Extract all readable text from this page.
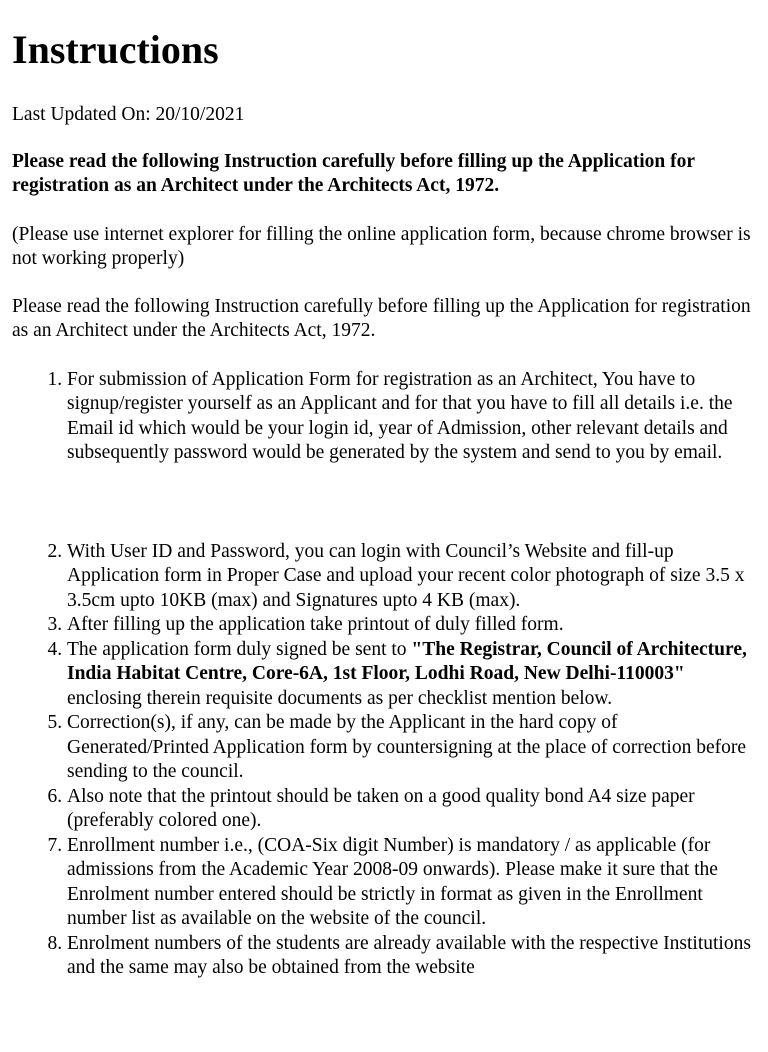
Instructions

Last Updated On: 20/10/2021

Please read the following Instruction carefully before filling up the Application for registration as an Architect under the Architects Act, 1972.

(Please use internet explorer for filling the online application form, because chrome browser is not working properly)

Please read the following Instruction carefully before filling up the Application for registration as an Architect under the Architects Act, 1972.

1. For submission of Application Form for registration as an Architect, You have to signup/register yourself as an Applicant and for that you have to fill all details i.e. the Email id which would be your login id, year of Admission, other relevant details and subsequently password would be generated by the system and send to you by email.
2. With User ID and Password, you can login with Council’s Website and fill-up Application form in Proper Case and upload your recent color photograph of size 3.5 x 3.5cm upto 10KB (max) and Signatures upto 4 KB (max).
3. After filling up the application take printout of duly filled form.
4. The application form duly signed be sent to "The Registrar, Council of Architecture, India Habitat Centre, Core-6A, 1st Floor, Lodhi Road, New Delhi-110003" enclosing therein requisite documents as per checklist mention below.
5. Correction(s), if any, can be made by the Applicant in the hard copy of Generated/Printed Application form by countersigning at the place of correction before sending to the council.
6. Also note that the printout should be taken on a good quality bond A4 size paper (preferably colored one).
7. Enrollment number i.e., (COA-Six digit Number) is mandatory / as applicable (for admissions from the Academic Year 2008-09 onwards). Please make it sure that the Enrolment number entered should be strictly in format as given in the Enrollment number list as available on the website of the council.
8. Enrolment numbers of the students are already available with the respective Institutions and the same may also be obtained from the website
